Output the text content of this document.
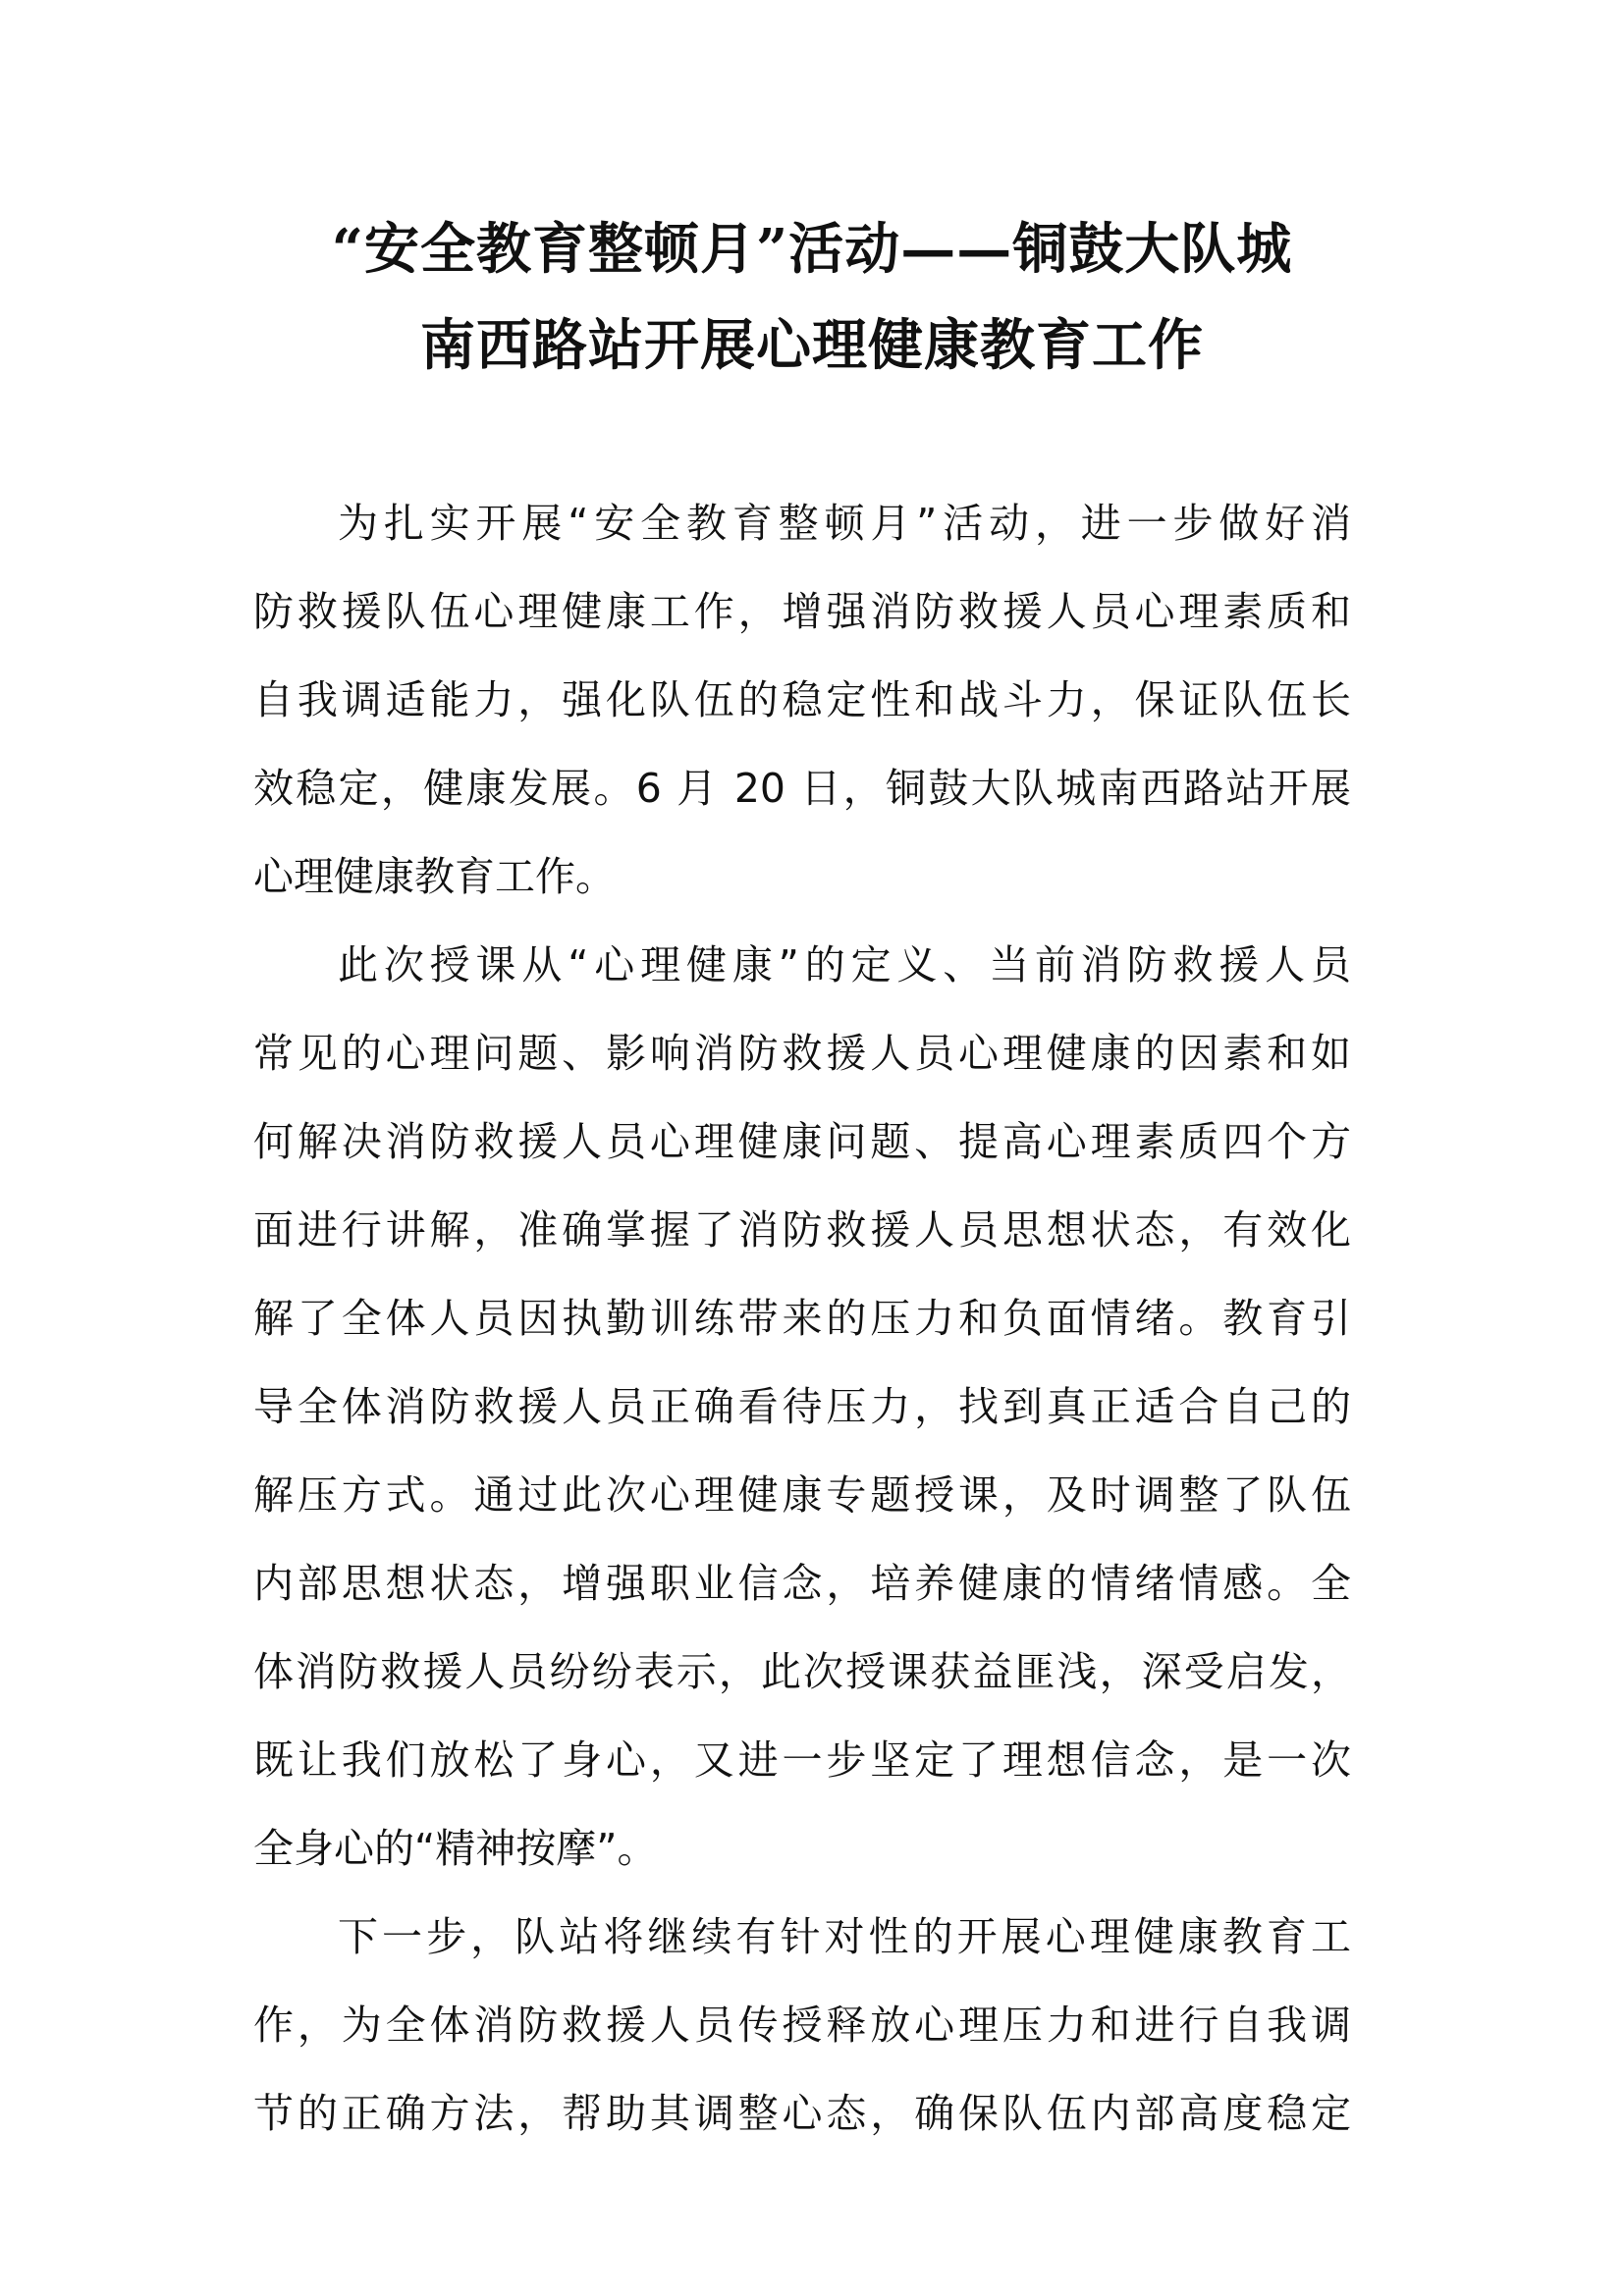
“安全教育整顿月”活动——铜鼓大队城
南西路站开展心理健康教育工作
为扎实开展“安全教育整顿月”活动，进一步做好消
防救援队伍心理健康工作，增强消防救援人员心理素质和
自我调适能力，强化队伍的稳定性和战斗力，保证队伍长
效稳定，健康发展。6 月 20 日，铜鼓大队城南西路站开展
心理健康教育工作。
此次授课从“心理健康”的定义、当前消防救援人员
常见的心理问题、影响消防救援人员心理健康的因素和如
何解决消防救援人员心理健康问题、提高心理素质四个方
面进行讲解，准确掌握了消防救援人员思想状态，有效化
解了全体人员因执勤训练带来的压力和负面情绪。教育引
导全体消防救援人员正确看待压力，找到真正适合自己的
解压方式。通过此次心理健康专题授课，及时调整了队伍
内部思想状态，增强职业信念，培养健康的情绪情感。全
体消防救援人员纷纷表示，此次授课获益匪浅，深受启发，
既让我们放松了身心，又进一步坚定了理想信念，是一次
全身心的“精神按摩”。
下一步，队站将继续有针对性的开展心理健康教育工
作，为全体消防救援人员传授释放心理压力和进行自我调
节的正确方法，帮助其调整心态，确保队伍内部高度稳定
